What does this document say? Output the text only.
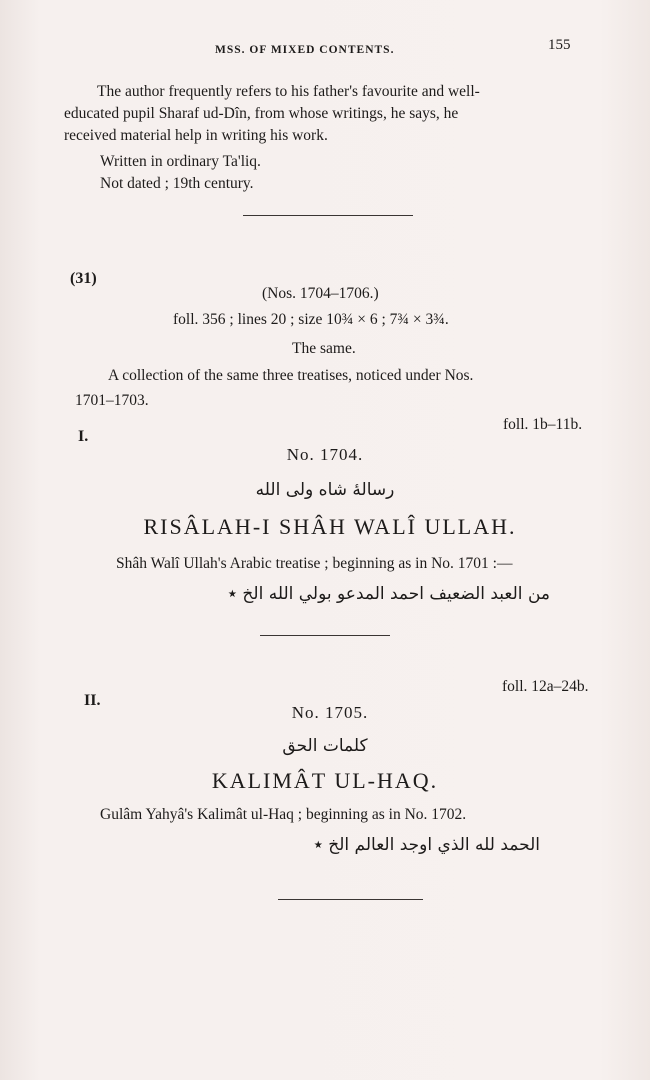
MSS. OF MIXED CONTENTS.	155
The author frequently refers to his father's favourite and well-
educated pupil Sharaf ud-Dîn, from whose writings, he says, he
received material help in writing his work.
Written in ordinary Ta'liq.
Not dated ; 19th century.
(31)
(Nos. 1704–1706.)
foll. 356 ; lines 20 ; size 10¾ × 6 ; 7¾ × 3¾.
The same.
A collection of the same three treatises, noticed under Nos.
1701–1703.
foll. 1b–11b.
I.
No. 1704.
رسالۀ شاه ولی الله
RISÂLAH-I SHÂH WALÎ ULLAH.
Shâh Walî Ullah's Arabic treatise ; beginning as in No. 1701 :—
من العبد الضعيف احمد المدعو بولي الله الخ ٭
foll. 12a–24b.
II.
No. 1705.
كلمات الحق
KALIMÂT UL-HAQ.
Gulâm Yahyâ's Kalimât ul-Haq ; beginning as in No. 1702.
الحمد لله الذي اوجد العالم الخ ٭
